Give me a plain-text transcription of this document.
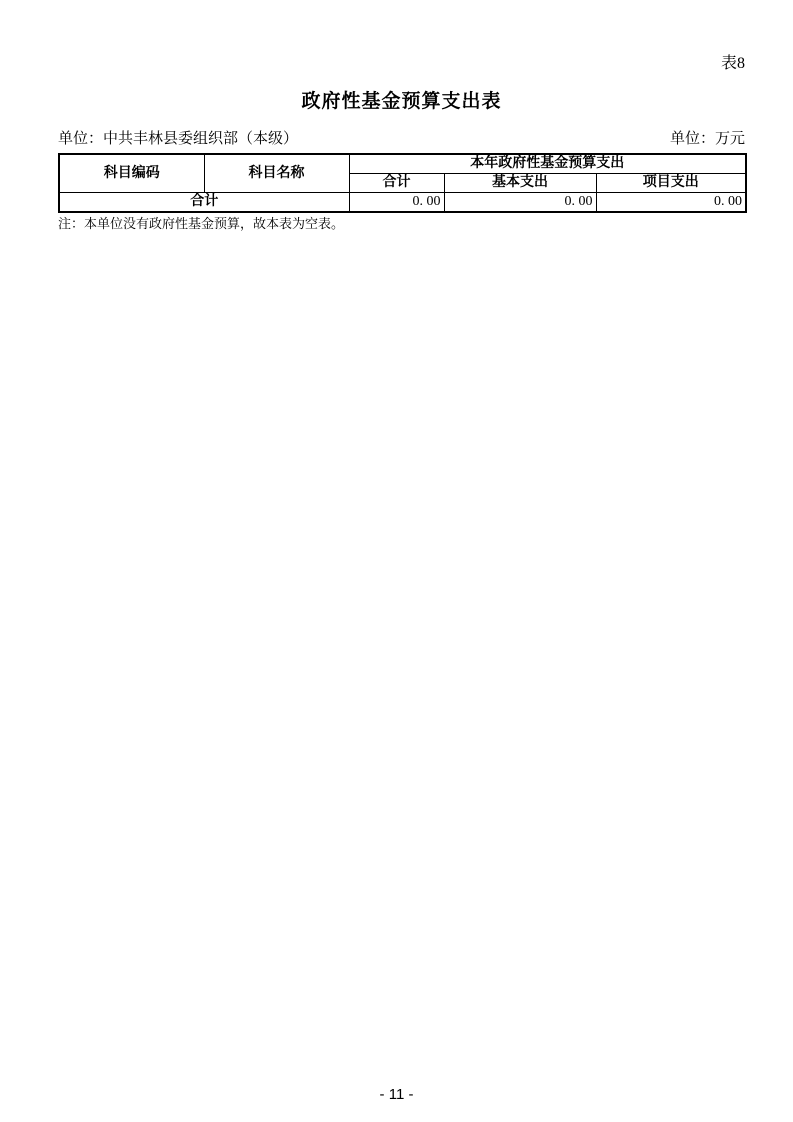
表8
政府性基金预算支出表
单位：中共丰林县委组织部（本级）	单位：万元
科目编码	科目名称	本年政府性基金预算支出		
		合计	基本支出	项目支出
合计		0. 00	0. 00	0. 00
注：本单位没有政府性基金预算，故本表为空表。
- 11 -
